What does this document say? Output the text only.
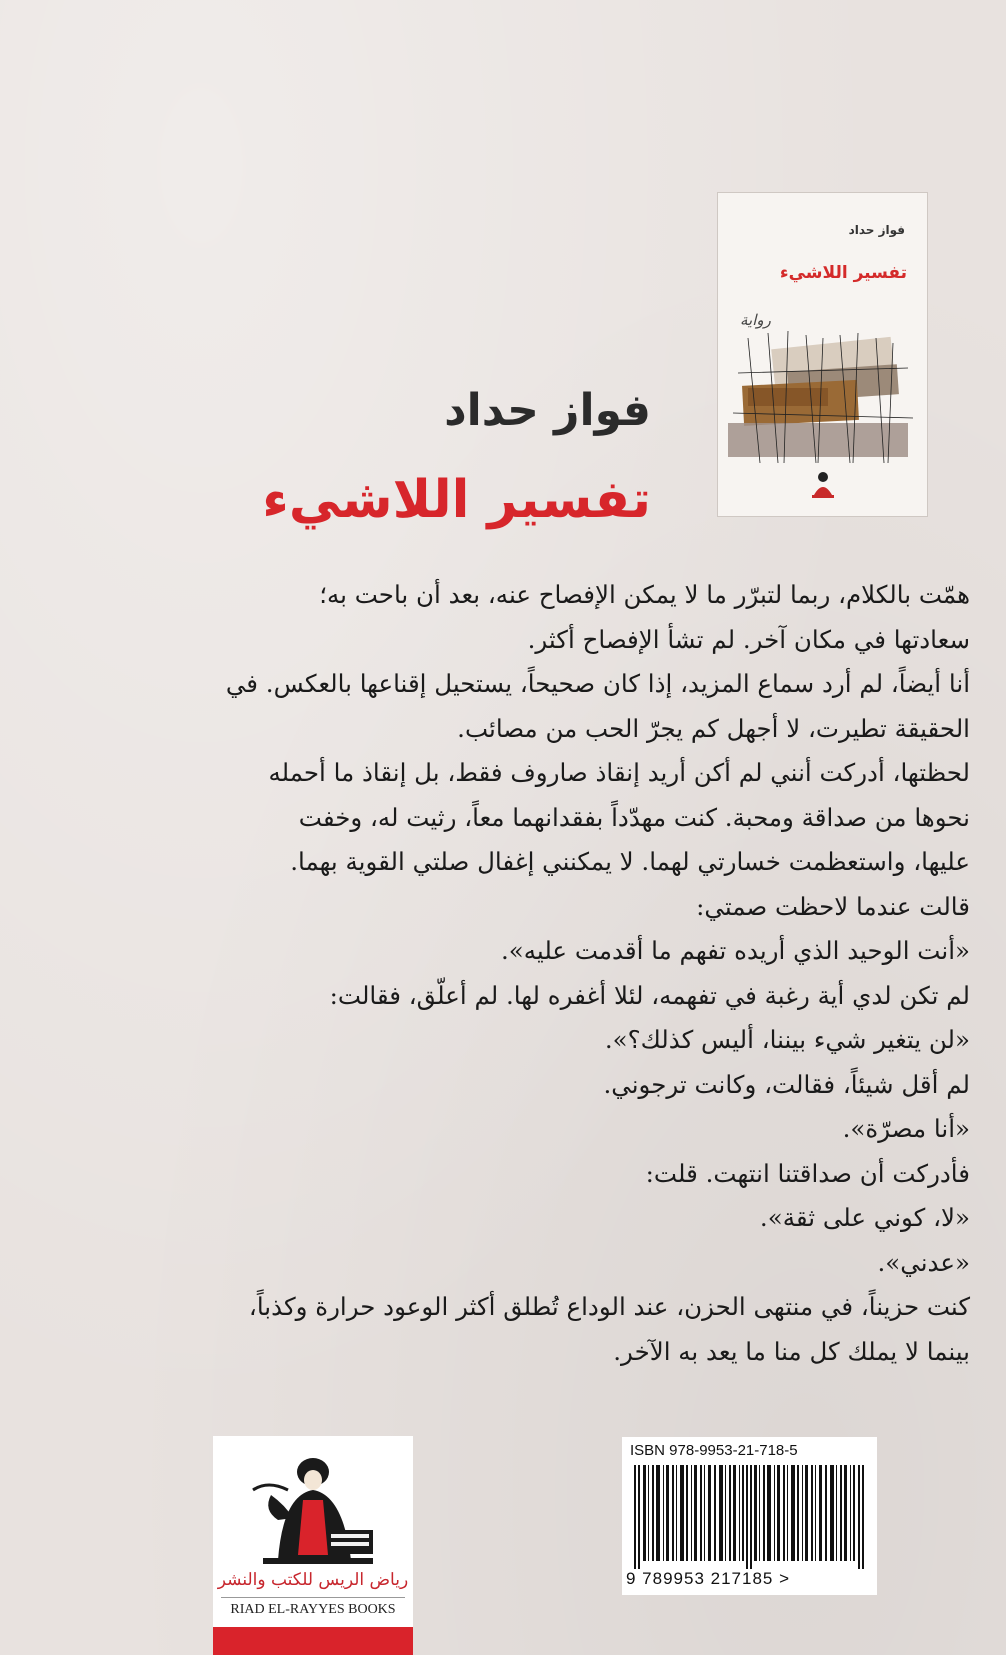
فواز حداد
تفسير اللاشيء
رواية
فواز حداد
تفسير اللاشيء

همّت بالكلام، ربما لتبرّر ما لا يمكن الإفصاح عنه، بعد أن باحت به؛

سعادتها في مكان آخر. لم تشأ الإفصاح أكثر.

أنا أيضاً، لم أرد سماع المزيد، إذا كان صحيحاً، يستحيل إقناعها بالعكس. في

الحقيقة تطيرت، لا أجهل كم يجرّ الحب من مصائب.

لحظتها، أدركت أنني لم أكن أريد إنقاذ صاروف فقط، بل إنقاذ ما أحمله

نحوها من صداقة ومحبة. كنت مهدّداً بفقدانهما معاً، رثيت له، وخفت

عليها، واستعظمت خسارتي لهما. لا يمكنني إغفال صلتي القوية بهما.

قالت عندما لاحظت صمتي:

«أنت الوحيد الذي أريده تفهم ما أقدمت عليه».

لم تكن لدي أية رغبة في تفهمه، لئلا أغفره لها. لم أعلّق، فقالت:

«لن يتغير شيء بيننا، أليس كذلك؟».

لم أقل شيئاً، فقالت، وكانت ترجوني.

«أنا مصرّة».

فأدركت أن صداقتنا انتهت. قلت:

«لا، كوني على ثقة».

«عدني».

كنت حزيناً، في منتهى الحزن، عند الوداع تُطلق أكثر الوعود حرارة وكذباً،

بينما لا يملك كل منا ما يعد به الآخر.

رياض الريس للكتب والنشر
RIAD EL-RAYYES BOOKS
ISBN 978-9953-21-718-5
9 789953 217185 >
